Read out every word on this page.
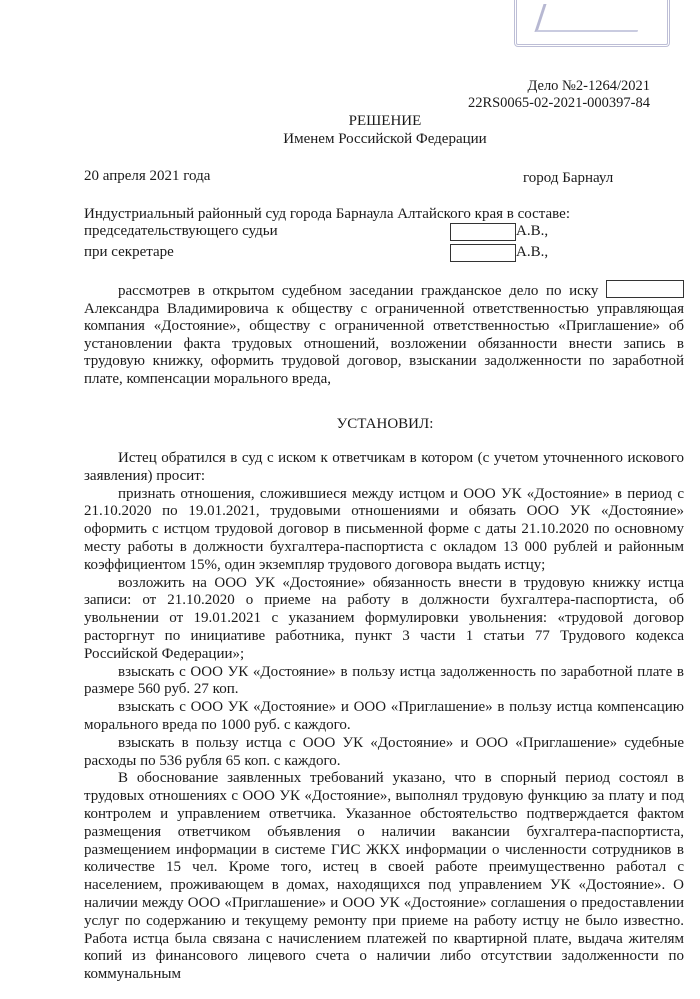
Дело №2-1264/2021
22RS0065-02-2021-000397-84
РЕШЕНИЕ
Именем Российской Федерации
20 апреля 2021 года	город Барнаул
Индустриальный районный суд города Барнаула Алтайского края в составе:
председательствующего судьи	А.В.,
при секретаре	А.В.,

рассмотрев в открытом судебном заседании гражданское дело по иску  Александра Владимировича к обществу с ограниченной ответственностью управляющая компания «Достояние», обществу с ограниченной ответственностью «Приглашение» об установлении факта трудовых отношений, возложении обязанности внести запись в трудовую книжку, оформить трудовой договор, взыскании задолженности по заработной плате, компенсации морального вреда,

УСТАНОВИЛ:

Истец обратился в суд с иском к ответчикам в котором (с учетом уточненного искового заявления) просит:

признать отношения, сложившиеся между истцом и ООО УК «Достояние» в период с 21.10.2020 по 19.01.2021, трудовыми отношениями и обязать ООО УК «Достояние» оформить с истцом трудовой договор в письменной форме с даты 21.10.2020 по основному месту работы в должности бухгалтера-паспортиста с окладом 13 000 рублей и районным коэффициентом 15%, один экземпляр трудового договора выдать истцу;

возложить на ООО УК «Достояние» обязанность внести в трудовую книжку истца записи: от 21.10.2020 о приеме на работу в должности бухгалтера-паспортиста, об увольнении от 19.01.2021 с указанием формулировки увольнения: «трудовой договор расторгнут по инициативе работника, пункт 3 части 1 статьи 77 Трудового кодекса Российской Федерации»;

взыскать с ООО УК «Достояние» в пользу истца задолженность по заработной плате в размере 560 руб. 27 коп.

взыскать с ООО УК «Достояние» и ООО «Приглашение» в пользу истца компенсацию морального вреда по 1000 руб. с каждого.

взыскать в пользу истца с ООО УК «Достояние» и ООО «Приглашение» судебные расходы по 536 рубля 65 коп. с каждого.

В обоснование заявленных требований указано, что в спорный период состоял в трудовых отношениях с ООО УК «Достояние», выполнял трудовую функцию за плату и под контролем и управлением ответчика. Указанное обстоятельство подтверждается фактом размещения ответчиком объявления о наличии вакансии бухгалтера-паспортиста, размещением информации в системе ГИС ЖКХ информации о численности сотрудников в количестве 15 чел. Кроме того, истец в своей работе преимущественно работал с населением, проживающем в домах, находящихся под управлением УК «Достояние». О наличии между ООО «Приглашение» и ООО УК «Достояние» соглашения о предоставлении услуг по содержанию и текущему ремонту при приеме на работу истцу не было известно. Работа истца была связана с начислением платежей по квартирной плате, выдача жителям копий из финансового лицевого счета о наличии либо отсутствии задолженности по коммунальным
